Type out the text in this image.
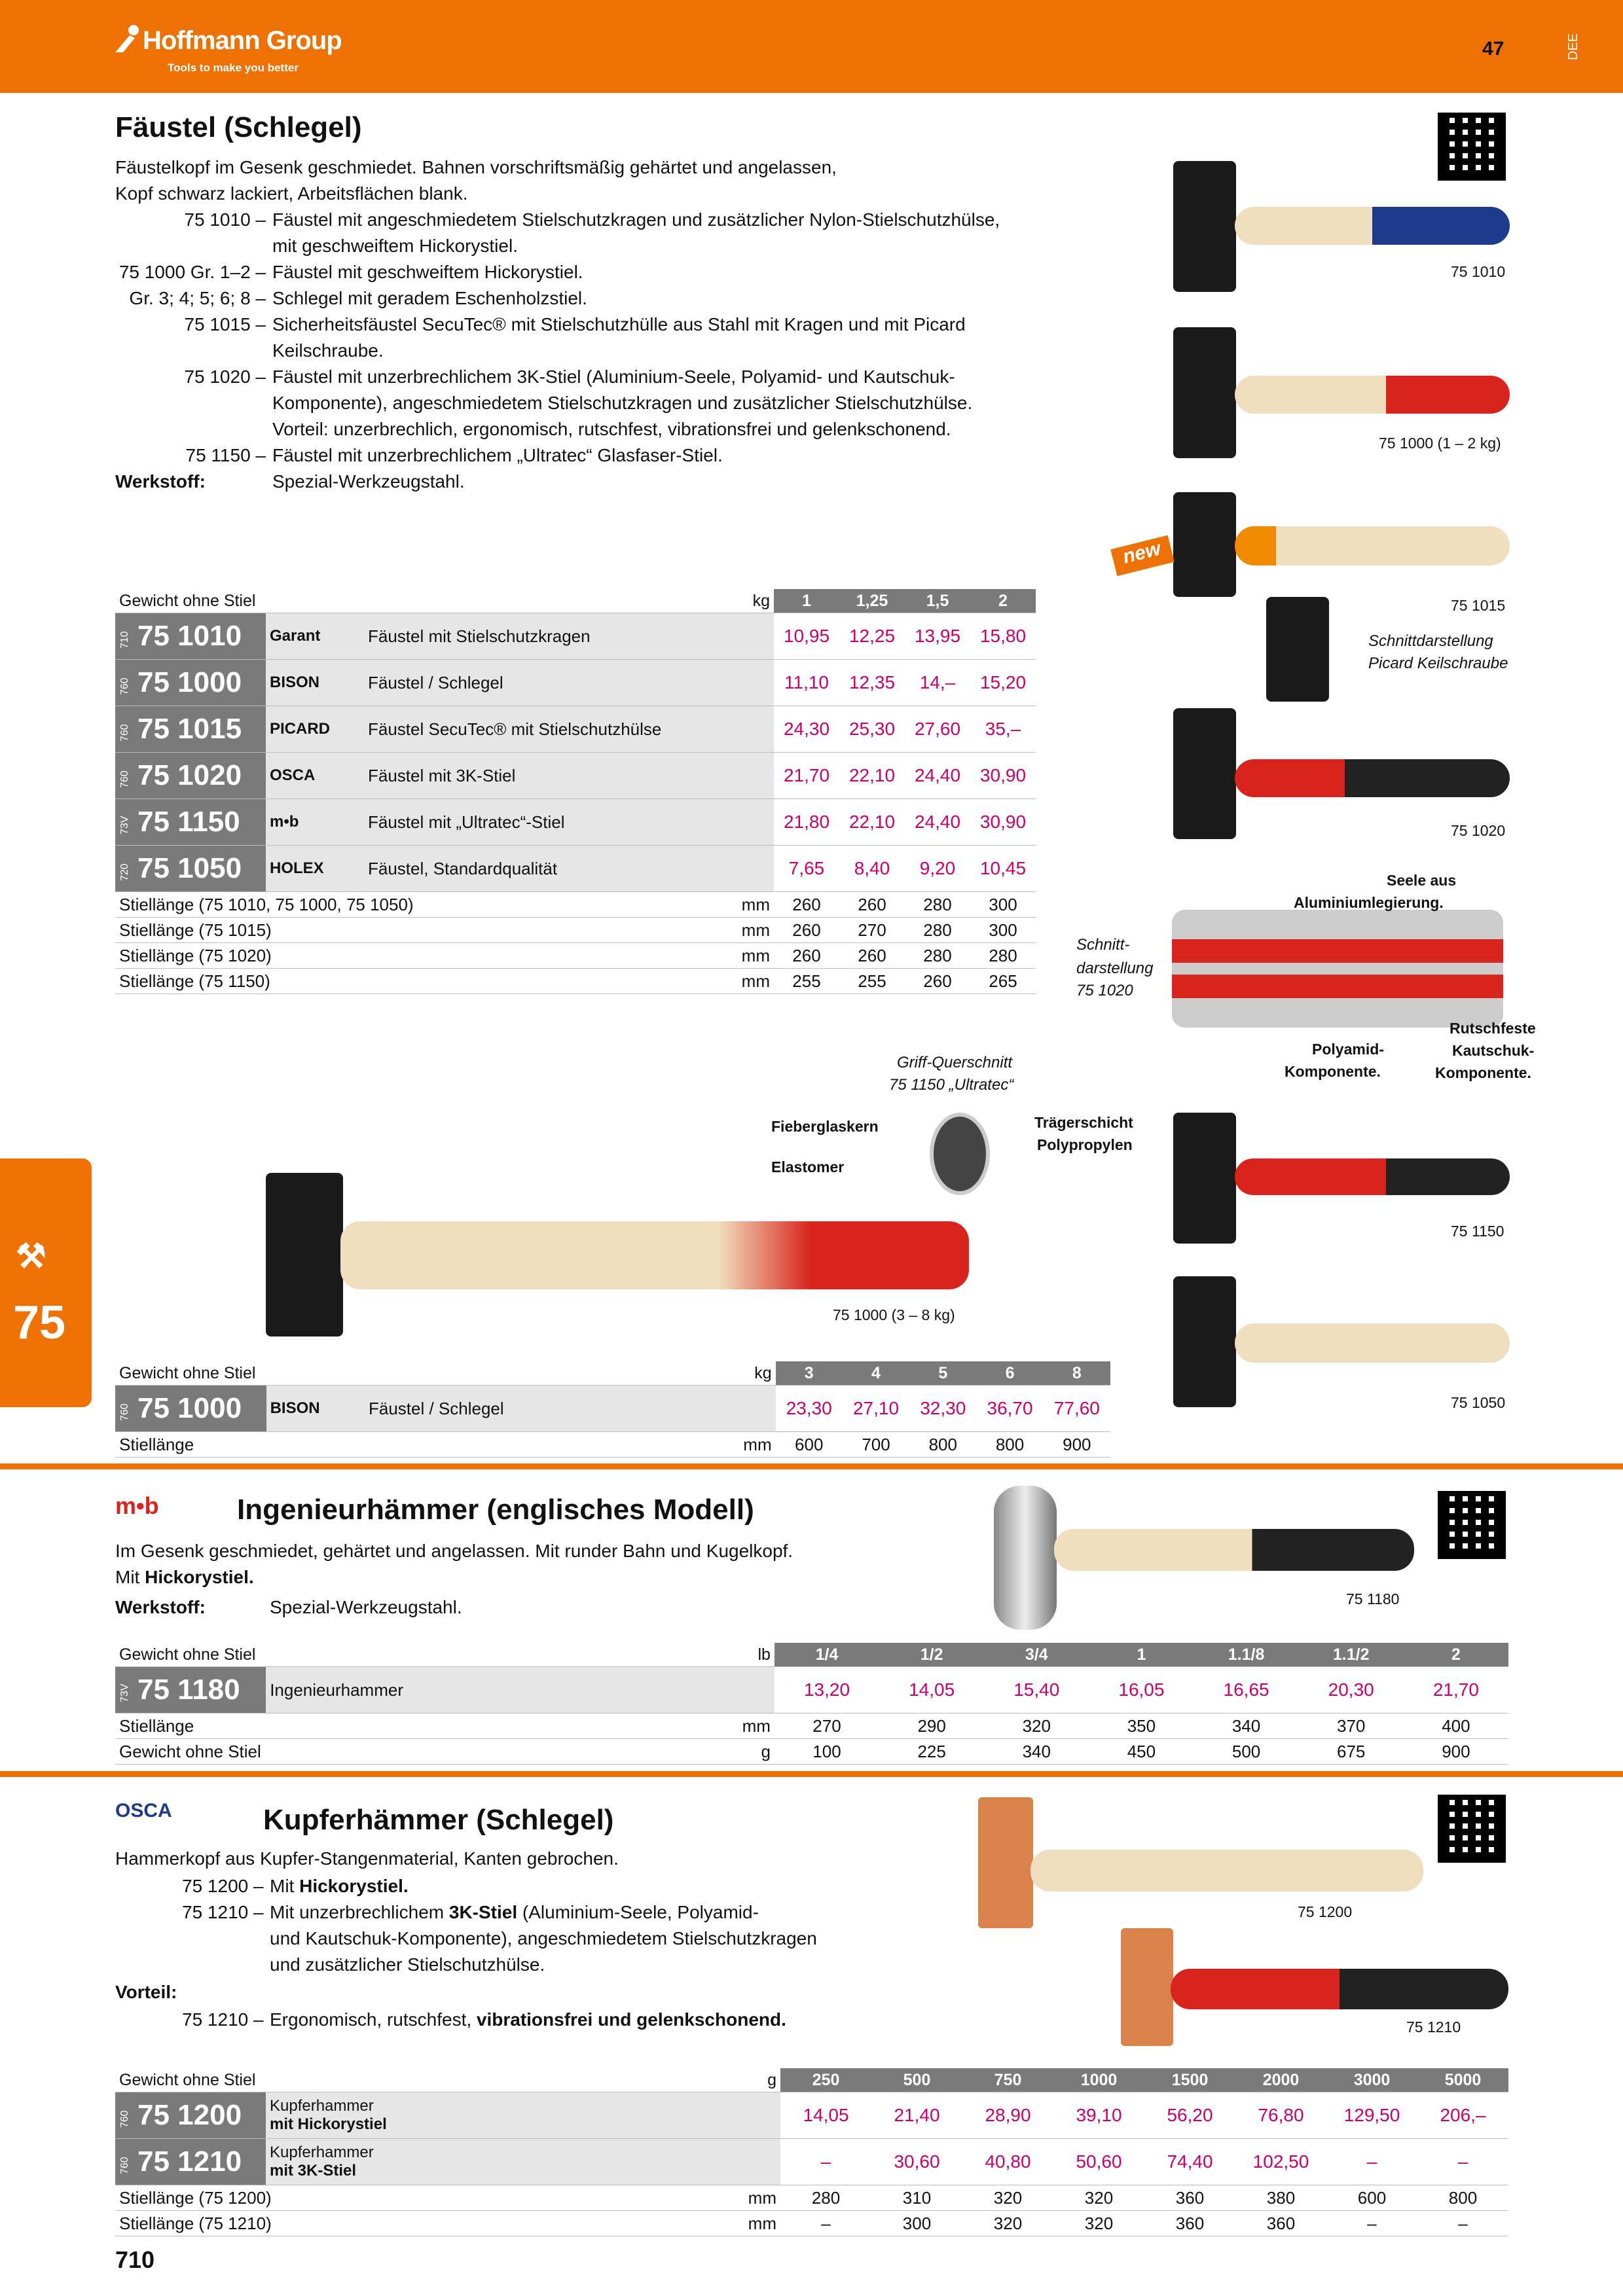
Hoffmann Group
Tools to make you better
47	DEE
Fäustel (Schlegel)
Fäustelkopf im Gesenk geschmiedet. Bahnen vorschriftsmäßig gehärtet und angelassen,
Kopf schwarz lackiert, Arbeitsflächen blank.
75 1010 – Fäustel mit angeschmiedetem Stielschutzkragen und zusätzlicher Nylon-Stielschutzhülse,
mit geschweiftem Hickorystiel.
75 1000 Gr. 1–2 – Fäustel mit geschweiftem Hickorystiel.
Gr. 3; 4; 5; 6; 8 – Schlegel mit geradem Eschenholzstiel.
75 1015 – Sicherheitsfäustel SecuTec® mit Stielschutzhülle aus Stahl mit Kragen und mit Picard
Keilschraube.
75 1020 – Fäustel mit unzerbrechlichem 3K-Stiel (Aluminium-Seele, Polyamid- und Kautschuk-
Komponente), angeschmiedetem Stielschutzkragen und zusätzlicher Stielschutzhülse.
Vorteil: unzerbrechlich, ergonomisch, rutschfest, vibrationsfrei und gelenkschonend.
75 1150 – Fäustel mit unzerbrechlichem „Ultratec“ Glasfaser-Stiel.
Werkstoff:	Spezial-Werkzeugstahl.
75 1010
75 1000 (1 – 2 kg)
new
75 1015
Schnittdarstellung
Picard Keilschraube
75 1020
Seele aus
Aluminiumlegierung.
Schnitt-
darstellung
75 1020
Polyamid-
Komponente.
Rutschfeste
Kautschuk-
Komponente.
Griff-Querschnitt
75 1150 „Ultratec“
Fieberglaskern
Elastomer
Trägerschicht
Polypropylen
75 1150
75 1000 (3 – 8 kg)
75 1050
⚒
75
Gewicht ohne Stiel			kg	1	1,25	1,5	2
710 75 1010	Garant	Fäustel mit Stielschutzkragen		10,95	12,25	13,95	15,80
760 75 1000	BISON	Fäustel / Schlegel		11,10	12,35	14,–	15,20
760 75 1015	PICARD	Fäustel SecuTec® mit Stielschutzhülse		24,30	25,30	27,60	35,–
760 75 1020	OSCA	Fäustel mit 3K-Stiel		21,70	22,10	24,40	30,90
73V 75 1150	m•b	Fäustel mit „Ultratec“-Stiel		21,80	22,10	24,40	30,90
720 75 1050	HOLEX	Fäustel, Standardqualität		7,65	8,40	9,20	10,45
Stiellänge (75 1010, 75 1000, 75 1050)			mm	260	260	280	300
Stiellänge (75 1015)			mm	260	270	280	300
Stiellänge (75 1020)			mm	260	260	280	280
Stiellänge (75 1150)			mm	255	255	260	265
Gewicht ohne Stiel			kg	3	4	5	6	8
760 75 1000	BISON	Fäustel / Schlegel		23,30	27,10	32,30	36,70	77,60
Stiellänge			mm	600	700	800	800	900
m•b	Ingenieurhämmer (englisches Modell)
Im Gesenk geschmiedet, gehärtet und angelassen. Mit runder Bahn und Kugelkopf.
Mit Hickorystiel.
Werkstoff:	Spezial-Werkzeugstahl.	75 1180
Gewicht ohne Stiel		lb	1/4	1/2	3/4	1	1.1/8	1.1/2	2
73V 75 1180	Ingenieurhammer		13,20	14,05	15,40	16,05	16,65	20,30	21,70
Stiellänge		mm	270	290	320	350	340	370	400
Gewicht ohne Stiel		g	100	225	340	450	500	675	900
OSCA	Kupferhämmer (Schlegel)
Hammerkopf aus Kupfer-Stangenmaterial, Kanten gebrochen.
75 1200 – Mit Hickorystiel.
75 1210 – Mit unzerbrechlichem 3K-Stiel (Aluminium-Seele, Polyamid-
und Kautschuk-Komponente), angeschmiedetem Stielschutzkragen
und zusätzlicher Stielschutzhülse.
Vorteil:
75 1210 – Ergonomisch, rutschfest, vibrationsfrei und gelenkschonend.
75 1200
75 1210
Gewicht ohne Stiel		g	250	500	750	1000	1500	2000	3000	5000
760 75 1200	Kupferhammer
mit Hickorystiel		14,05	21,40	28,90	39,10	56,20	76,80	129,50	206,–
760 75 1210	Kupferhammer
mit 3K-Stiel		–	30,60	40,80	50,60	74,40	102,50	–	–
Stiellänge (75 1200)		mm	280	310	320	320	360	380	600	800
Stiellänge (75 1210)		mm	–	300	320	320	360	360	–	–
710
